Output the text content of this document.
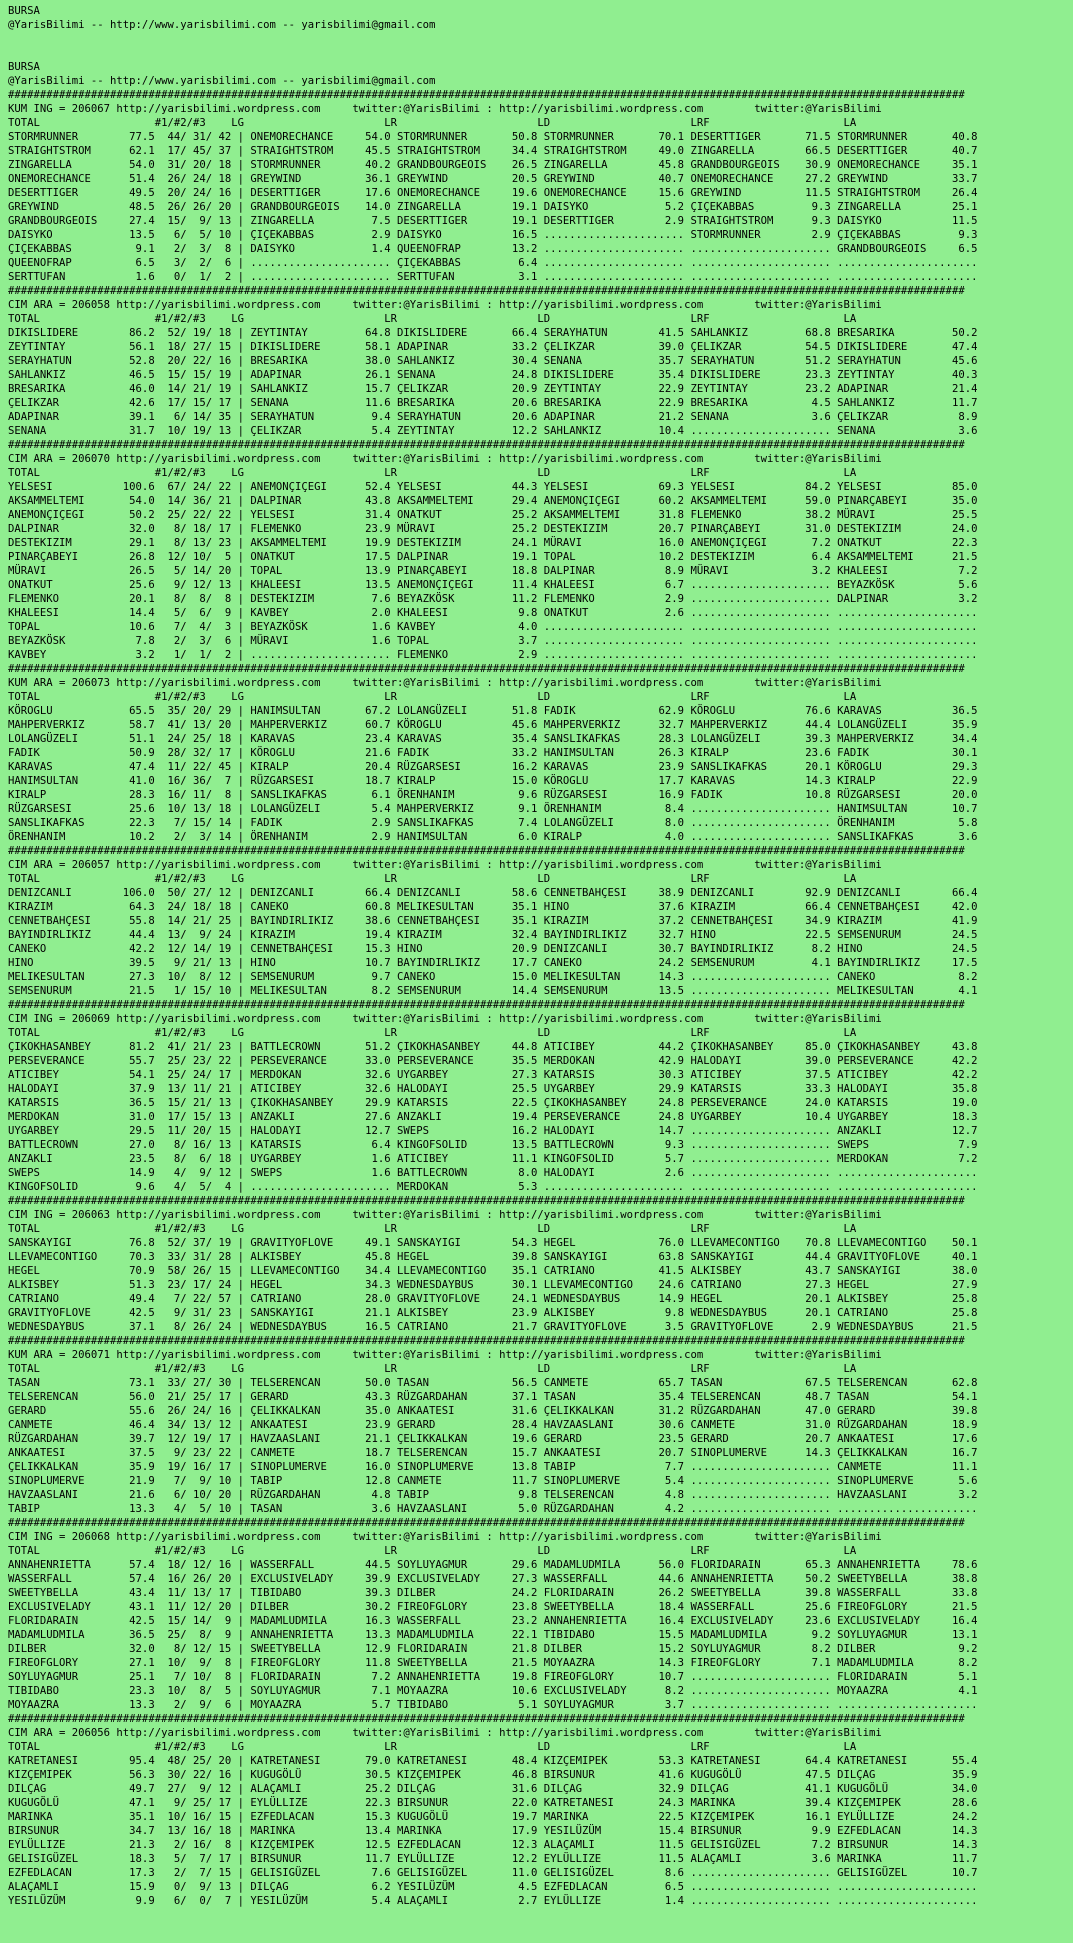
BURSA
@YarisBilimi -- http://www.yarisbilimi.com -- yarisbilimi@gmail.com
BURSA
@YarisBilimi -- http://www.yarisbilimi.com -- yarisbilimi@gmail.com
######################################################################################################################################################
KUM ING = 206067 http://yarisbilimi.wordpress.com     twitter:@YarisBilimi : http://yarisbilimi.wordpress.com        twitter:@YarisBilimi
TOTAL                  #1/#2/#3    LG                      LR                      LD                      LRF                     LA
STORMRUNNER        77.5  44/ 31/ 42 | ONEMORECHANCE     54.0 STORMRUNNER       50.8 STORMRUNNER       70.1 DESERTTIGER       71.5 STORMRUNNER       40.8
STRAIGHTSTROM      62.1  17/ 45/ 37 | STRAIGHTSTROM     45.5 STRAIGHTSTROM     34.4 STRAIGHTSTROM     49.0 ZINGARELLA        66.5 DESERTTIGER       40.7
ZINGARELLA         54.0  31/ 20/ 18 | STORMRUNNER       40.2 GRANDBOURGEOIS    26.5 ZINGARELLA        45.8 GRANDBOURGEOIS    30.9 ONEMORECHANCE     35.1
ONEMORECHANCE      51.4  26/ 24/ 18 | GREYWIND          36.1 GREYWIND          20.5 GREYWIND          40.7 ONEMORECHANCE     27.2 GREYWIND          33.7
DESERTTIGER        49.5  20/ 24/ 16 | DESERTTIGER       17.6 ONEMORECHANCE     19.6 ONEMORECHANCE     15.6 GREYWIND          11.5 STRAIGHTSTROM     26.4
GREYWIND           48.5  26/ 26/ 20 | GRANDBOURGEOIS    14.0 ZINGARELLA        19.1 DAISYKO            5.2 ÇIÇEKABBAS         9.3 ZINGARELLA        25.1
GRANDBOURGEOIS     27.4  15/  9/ 13 | ZINGARELLA         7.5 DESERTTIGER       19.1 DESERTTIGER        2.9 STRAIGHTSTROM      9.3 DAISYKO           11.5
DAISYKO            13.5   6/  5/ 10 | ÇIÇEKABBAS         2.9 DAISYKO           16.5 ...................... STORMRUNNER        2.9 ÇIÇEKABBAS         9.3
ÇIÇEKABBAS          9.1   2/  3/  8 | DAISYKO            1.4 QUEENOFRAP        13.2 ...................... ...................... GRANDBOURGEOIS     6.5
QUEENOFRAP          6.5   3/  2/  6 | ...................... ÇIÇEKABBAS         6.4 ...................... ...................... ......................
SERTTUFAN           1.6   0/  1/  2 | ...................... SERTTUFAN          3.1 ...................... ...................... ......................
######################################################################################################################################################
CIM ARA = 206058 http://yarisbilimi.wordpress.com     twitter:@YarisBilimi : http://yarisbilimi.wordpress.com        twitter:@YarisBilimi
TOTAL                  #1/#2/#3    LG                      LR                      LD                      LRF                     LA
DIKISLIDERE        86.2  52/ 19/ 18 | ZEYTINTAY         64.8 DIKISLIDERE       66.4 SERAYHATUN        41.5 SAHLANKIZ         68.8 BRESARIKA         50.2
ZEYTINTAY          56.1  18/ 27/ 15 | DIKISLIDERE       58.1 ADAPINAR          33.2 ÇELIKZAR          39.0 ÇELIKZAR          54.5 DIKISLIDERE       47.4
SERAYHATUN         52.8  20/ 22/ 16 | BRESARIKA         38.0 SAHLANKIZ         30.4 SENANA            35.7 SERAYHATUN        51.2 SERAYHATUN        45.6
SAHLANKIZ          46.5  15/ 15/ 19 | ADAPINAR          26.1 SENANA            24.8 DIKISLIDERE       35.4 DIKISLIDERE       23.3 ZEYTINTAY         40.3
BRESARIKA          46.0  14/ 21/ 19 | SAHLANKIZ         15.7 ÇELIKZAR          20.9 ZEYTINTAY         22.9 ZEYTINTAY         23.2 ADAPINAR          21.4
ÇELIKZAR           42.6  17/ 15/ 17 | SENANA            11.6 BRESARIKA         20.6 BRESARIKA         22.9 BRESARIKA          4.5 SAHLANKIZ         11.7
ADAPINAR           39.1   6/ 14/ 35 | SERAYHATUN         9.4 SERAYHATUN        20.6 ADAPINAR          21.2 SENANA             3.6 ÇELIKZAR           8.9
SENANA             31.7  10/ 19/ 13 | ÇELIKZAR           5.4 ZEYTINTAY         12.2 SAHLANKIZ         10.4 ...................... SENANA             3.6
######################################################################################################################################################
CIM ARA = 206070 http://yarisbilimi.wordpress.com     twitter:@YarisBilimi : http://yarisbilimi.wordpress.com        twitter:@YarisBilimi
TOTAL                  #1/#2/#3    LG                      LR                      LD                      LRF                     LA
YELSESI           100.6  67/ 24/ 22 | ANEMONÇIÇEGI      52.4 YELSESI           44.3 YELSESI           69.3 YELSESI           84.2 YELSESI           85.0
AKSAMMELTEMI       54.0  14/ 36/ 21 | DALPINAR          43.8 AKSAMMELTEMI      29.4 ANEMONÇIÇEGI      60.2 AKSAMMELTEMI      59.0 PINARÇABEYI       35.0
ANEMONÇIÇEGI       50.2  25/ 22/ 22 | YELSESI           31.4 ONATKUT           25.2 AKSAMMELTEMI      31.8 FLEMENKO          38.2 MÜRAVI            25.5
DALPINAR           32.0   8/ 18/ 17 | FLEMENKO          23.9 MÜRAVI            25.2 DESTEKIZIM        20.7 PINARÇABEYI       31.0 DESTEKIZIM        24.0
DESTEKIZIM         29.1   8/ 13/ 23 | AKSAMMELTEMI      19.9 DESTEKIZIM        24.1 MÜRAVI            16.0 ANEMONÇIÇEGI       7.2 ONATKUT           22.3
PINARÇABEYI        26.8  12/ 10/  5 | ONATKUT           17.5 DALPINAR          19.1 TOPAL             10.2 DESTEKIZIM         6.4 AKSAMMELTEMI      21.5
MÜRAVI             26.5   5/ 14/ 20 | TOPAL             13.9 PINARÇABEYI       18.8 DALPINAR           8.9 MÜRAVI             3.2 KHALEESI           7.2
ONATKUT            25.6   9/ 12/ 13 | KHALEESI          13.5 ANEMONÇIÇEGI      11.4 KHALEESI           6.7 ...................... BEYAZKÖSK          5.6
FLEMENKO           20.1   8/  8/  8 | DESTEKIZIM         7.6 BEYAZKÖSK         11.2 FLEMENKO           2.9 ...................... DALPINAR           3.2
KHALEESI           14.4   5/  6/  9 | KAVBEY             2.0 KHALEESI           9.8 ONATKUT            2.6 ...................... ......................
TOPAL              10.6   7/  4/  3 | BEYAZKÖSK          1.6 KAVBEY             4.0 ...................... ...................... ......................
BEYAZKÖSK           7.8   2/  3/  6 | MÜRAVI             1.6 TOPAL              3.7 ...................... ...................... ......................
KAVBEY              3.2   1/  1/  2 | ...................... FLEMENKO           2.9 ...................... ...................... ......................
######################################################################################################################################################
KUM ARA = 206073 http://yarisbilimi.wordpress.com     twitter:@YarisBilimi : http://yarisbilimi.wordpress.com        twitter:@YarisBilimi
TOTAL                  #1/#2/#3    LG                      LR                      LD                      LRF                     LA
KÖROGLU            65.5  35/ 20/ 29 | HANIMSULTAN       67.2 LOLANGÜZELI       51.8 FADIK             62.9 KÖROGLU           76.6 KARAVAS           36.5
MAHPERVERKIZ       58.7  41/ 13/ 20 | MAHPERVERKIZ      60.7 KÖROGLU           45.6 MAHPERVERKIZ      32.7 MAHPERVERKIZ      44.4 LOLANGÜZELI       35.9
LOLANGÜZELI        51.1  24/ 25/ 18 | KARAVAS           23.4 KARAVAS           35.4 SANSLIKAFKAS      28.3 LOLANGÜZELI       39.3 MAHPERVERKIZ      34.4
FADIK              50.9  28/ 32/ 17 | KÖROGLU           21.6 FADIK             33.2 HANIMSULTAN       26.3 KIRALP            23.6 FADIK             30.1
KARAVAS            47.4  11/ 22/ 45 | KIRALP            20.4 RÜZGARSESI        16.2 KARAVAS           23.9 SANSLIKAFKAS      20.1 KÖROGLU           29.3
HANIMSULTAN        41.0  16/ 36/  7 | RÜZGARSESI        18.7 KIRALP            15.0 KÖROGLU           17.7 KARAVAS           14.3 KIRALP            22.9
KIRALP             28.3  16/ 11/  8 | SANSLIKAFKAS       6.1 ÖRENHANIM          9.6 RÜZGARSESI        16.9 FADIK             10.8 RÜZGARSESI        20.0
RÜZGARSESI         25.6  10/ 13/ 18 | LOLANGÜZELI        5.4 MAHPERVERKIZ       9.1 ÖRENHANIM          8.4 ...................... HANIMSULTAN       10.7
SANSLIKAFKAS       22.3   7/ 15/ 14 | FADIK              2.9 SANSLIKAFKAS       7.4 LOLANGÜZELI        8.0 ...................... ÖRENHANIM          5.8
ÖRENHANIM          10.2   2/  3/ 14 | ÖRENHANIM          2.9 HANIMSULTAN        6.0 KIRALP             4.0 ...................... SANSLIKAFKAS       3.6
######################################################################################################################################################
CIM ARA = 206057 http://yarisbilimi.wordpress.com     twitter:@YarisBilimi : http://yarisbilimi.wordpress.com        twitter:@YarisBilimi
TOTAL                  #1/#2/#3    LG                      LR                      LD                      LRF                     LA
DENIZCANLI        106.0  50/ 27/ 12 | DENIZCANLI        66.4 DENIZCANLI        58.6 CENNETBAHÇESI     38.9 DENIZCANLI        92.9 DENIZCANLI        66.4
KIRAZIM            64.3  24/ 18/ 18 | CANEKO            60.8 MELIKESULTAN      35.1 HINO              37.6 KIRAZIM           66.4 CENNETBAHÇESI     42.0
CENNETBAHÇESI      55.8  14/ 21/ 25 | BAYINDIRLIKIZ     38.6 CENNETBAHÇESI     35.1 KIRAZIM           37.2 CENNETBAHÇESI     34.9 KIRAZIM           41.9
BAYINDIRLIKIZ      44.4  13/  9/ 24 | KIRAZIM           19.4 KIRAZIM           32.4 BAYINDIRLIKIZ     32.7 HINO              22.5 SEMSENURUM        24.5
CANEKO             42.2  12/ 14/ 19 | CENNETBAHÇESI     15.3 HINO              20.9 DENIZCANLI        30.7 BAYINDIRLIKIZ      8.2 HINO              24.5
HINO               39.5   9/ 21/ 13 | HINO              10.7 BAYINDIRLIKIZ     17.7 CANEKO            24.2 SEMSENURUM         4.1 BAYINDIRLIKIZ     17.5
MELIKESULTAN       27.3  10/  8/ 12 | SEMSENURUM         9.7 CANEKO            15.0 MELIKESULTAN      14.3 ...................... CANEKO             8.2
SEMSENURUM         21.5   1/ 15/ 10 | MELIKESULTAN       8.2 SEMSENURUM        14.4 SEMSENURUM        13.5 ...................... MELIKESULTAN       4.1
######################################################################################################################################################
CIM ING = 206069 http://yarisbilimi.wordpress.com     twitter:@YarisBilimi : http://yarisbilimi.wordpress.com        twitter:@YarisBilimi
TOTAL                  #1/#2/#3    LG                      LR                      LD                      LRF                     LA
ÇIKOKHASANBEY      81.2  41/ 21/ 23 | BATTLECROWN       51.2 ÇIKOKHASANBEY     44.8 ATICIBEY          44.2 ÇIKOKHASANBEY     85.0 ÇIKOKHASANBEY     43.8
PERSEVERANCE       55.7  25/ 23/ 22 | PERSEVERANCE      33.0 PERSEVERANCE      35.5 MERDOKAN          42.9 HALODAYI          39.0 PERSEVERANCE      42.2
ATICIBEY           54.1  25/ 24/ 17 | MERDOKAN          32.6 UYGARBEY          27.3 KATARSIS          30.3 ATICIBEY          37.5 ATICIBEY          42.2
HALODAYI           37.9  13/ 11/ 21 | ATICIBEY          32.6 HALODAYI          25.5 UYGARBEY          29.9 KATARSIS          33.3 HALODAYI          35.8
KATARSIS           36.5  15/ 21/ 13 | ÇIKOKHASANBEY     29.9 KATARSIS          22.5 ÇIKOKHASANBEY     24.8 PERSEVERANCE      24.0 KATARSIS          19.0
MERDOKAN           31.0  17/ 15/ 13 | ANZAKLI           27.6 ANZAKLI           19.4 PERSEVERANCE      24.8 UYGARBEY          10.4 UYGARBEY          18.3
UYGARBEY           29.5  11/ 20/ 15 | HALODAYI          12.7 SWEPS             16.2 HALODAYI          14.7 ...................... ANZAKLI           12.7
BATTLECROWN        27.0   8/ 16/ 13 | KATARSIS           6.4 KINGOFSOLID       13.5 BATTLECROWN        9.3 ...................... SWEPS              7.9
ANZAKLI            23.5   8/  6/ 18 | UYGARBEY           1.6 ATICIBEY          11.1 KINGOFSOLID        5.7 ...................... MERDOKAN           7.2
SWEPS              14.9   4/  9/ 12 | SWEPS              1.6 BATTLECROWN        8.0 HALODAYI           2.6 ...................... ......................
KINGOFSOLID         9.6   4/  5/  4 | ...................... MERDOKAN           5.3 ...................... ...................... ......................
######################################################################################################################################################
CIM ING = 206063 http://yarisbilimi.wordpress.com     twitter:@YarisBilimi : http://yarisbilimi.wordpress.com        twitter:@YarisBilimi
TOTAL                  #1/#2/#3    LG                      LR                      LD                      LRF                     LA
SANSKAYIGI         76.8  52/ 37/ 19 | GRAVITYOFLOVE     49.1 SANSKAYIGI        54.3 HEGEL             76.0 LLEVAMECONTIGO    70.8 LLEVAMECONTIGO    50.1
LLEVAMECONTIGO     70.3  33/ 31/ 28 | ALKISBEY          45.8 HEGEL             39.8 SANSKAYIGI        63.8 SANSKAYIGI        44.4 GRAVITYOFLOVE     40.1
HEGEL              70.9  58/ 26/ 15 | LLEVAMECONTIGO    34.4 LLEVAMECONTIGO    35.1 CATRIANO          41.5 ALKISBEY          43.7 SANSKAYIGI        38.0
ALKISBEY           51.3  23/ 17/ 24 | HEGEL             34.3 WEDNESDAYBUS      30.1 LLEVAMECONTIGO    24.6 CATRIANO          27.3 HEGEL             27.9
CATRIANO           49.4   7/ 22/ 57 | CATRIANO          28.0 GRAVITYOFLOVE     24.1 WEDNESDAYBUS      14.9 HEGEL             20.1 ALKISBEY          25.8
GRAVITYOFLOVE      42.5   9/ 31/ 23 | SANSKAYIGI        21.1 ALKISBEY          23.9 ALKISBEY           9.8 WEDNESDAYBUS      20.1 CATRIANO          25.8
WEDNESDAYBUS       37.1   8/ 26/ 24 | WEDNESDAYBUS      16.5 CATRIANO          21.7 GRAVITYOFLOVE      3.5 GRAVITYOFLOVE      2.9 WEDNESDAYBUS      21.5
######################################################################################################################################################
KUM ARA = 206071 http://yarisbilimi.wordpress.com     twitter:@YarisBilimi : http://yarisbilimi.wordpress.com        twitter:@YarisBilimi
TOTAL                  #1/#2/#3    LG                      LR                      LD                      LRF                     LA
TASAN              73.1  33/ 27/ 30 | TELSERENCAN       50.0 TASAN             56.5 CANMETE           65.7 TASAN             67.5 TELSERENCAN       62.8
TELSERENCAN        56.0  21/ 25/ 17 | GERARD            43.3 RÜZGARDAHAN       37.1 TASAN             35.4 TELSERENCAN       48.7 TASAN             54.1
GERARD             55.6  26/ 24/ 16 | ÇELIKKALKAN       35.0 ANKAATESI         31.6 ÇELIKKALKAN       31.2 RÜZGARDAHAN       47.0 GERARD            39.8
CANMETE            46.4  34/ 13/ 12 | ANKAATESI         23.9 GERARD            28.4 HAVZAASLANI       30.6 CANMETE           31.0 RÜZGARDAHAN       18.9
RÜZGARDAHAN        39.7  12/ 19/ 17 | HAVZAASLANI       21.1 ÇELIKKALKAN       19.6 GERARD            23.5 GERARD            20.7 ANKAATESI         17.6
ANKAATESI          37.5   9/ 23/ 22 | CANMETE           18.7 TELSERENCAN       15.7 ANKAATESI         20.7 SINOPLUMERVE      14.3 ÇELIKKALKAN       16.7
ÇELIKKALKAN        35.9  19/ 16/ 17 | SINOPLUMERVE      16.0 SINOPLUMERVE      13.8 TABIP              7.7 ...................... CANMETE           11.1
SINOPLUMERVE       21.9   7/  9/ 10 | TABIP             12.8 CANMETE           11.7 SINOPLUMERVE       5.4 ...................... SINOPLUMERVE       5.6
HAVZAASLANI        21.6   6/ 10/ 20 | RÜZGARDAHAN        4.8 TABIP              9.8 TELSERENCAN        4.8 ...................... HAVZAASLANI        3.2
TABIP              13.3   4/  5/ 10 | TASAN              3.6 HAVZAASLANI        5.0 RÜZGARDAHAN        4.2 ...................... ......................
######################################################################################################################################################
CIM ING = 206068 http://yarisbilimi.wordpress.com     twitter:@YarisBilimi : http://yarisbilimi.wordpress.com        twitter:@YarisBilimi
TOTAL                  #1/#2/#3    LG                      LR                      LD                      LRF                     LA
ANNAHENRIETTA      57.4  18/ 12/ 16 | WASSERFALL        44.5 SOYLUYAGMUR       29.6 MADAMLUDMILA      56.0 FLORIDARAIN       65.3 ANNAHENRIETTA     78.6
WASSERFALL         57.4  16/ 26/ 20 | EXCLUSIVELADY     39.9 EXCLUSIVELADY     27.3 WASSERFALL        44.6 ANNAHENRIETTA     50.2 SWEETYBELLA       38.8
SWEETYBELLA        43.4  11/ 13/ 17 | TIBIDABO          39.3 DILBER            24.2 FLORIDARAIN       26.2 SWEETYBELLA       39.8 WASSERFALL        33.8
EXCLUSIVELADY      43.1  11/ 12/ 20 | DILBER            30.2 FIREOFGLORY       23.8 SWEETYBELLA       18.4 WASSERFALL        25.6 FIREOFGLORY       21.5
FLORIDARAIN        42.5  15/ 14/  9 | MADAMLUDMILA      16.3 WASSERFALL        23.2 ANNAHENRIETTA     16.4 EXCLUSIVELADY     23.6 EXCLUSIVELADY     16.4
MADAMLUDMILA       36.5  25/  8/  9 | ANNAHENRIETTA     13.3 MADAMLUDMILA      22.1 TIBIDABO          15.5 MADAMLUDMILA       9.2 SOYLUYAGMUR       13.1
DILBER             32.0   8/ 12/ 15 | SWEETYBELLA       12.9 FLORIDARAIN       21.8 DILBER            15.2 SOYLUYAGMUR        8.2 DILBER             9.2
FIREOFGLORY        27.1  10/  9/  8 | FIREOFGLORY       11.8 SWEETYBELLA       21.5 MOYAAZRA          14.3 FIREOFGLORY        7.1 MADAMLUDMILA       8.2
SOYLUYAGMUR        25.1   7/ 10/  8 | FLORIDARAIN        7.2 ANNAHENRIETTA     19.8 FIREOFGLORY       10.7 ...................... FLORIDARAIN        5.1
TIBIDABO           23.3  10/  8/  5 | SOYLUYAGMUR        7.1 MOYAAZRA          10.6 EXCLUSIVELADY      8.2 ...................... MOYAAZRA           4.1
MOYAAZRA           13.3   2/  9/  6 | MOYAAZRA           5.7 TIBIDABO           5.1 SOYLUYAGMUR        3.7 ...................... ......................
######################################################################################################################################################
CIM ARA = 206056 http://yarisbilimi.wordpress.com     twitter:@YarisBilimi : http://yarisbilimi.wordpress.com        twitter:@YarisBilimi
TOTAL                  #1/#2/#3    LG                      LR                      LD                      LRF                     LA
KATRETANESI        95.4  48/ 25/ 20 | KATRETANESI       79.0 KATRETANESI       48.4 KIZÇEMIPEK        53.3 KATRETANESI       64.4 KATRETANESI       55.4
KIZÇEMIPEK         56.3  30/ 22/ 16 | KUGUGÖLÜ          30.5 KIZÇEMIPEK        46.8 BIRSUNUR          41.6 KUGUGÖLÜ          47.5 DILÇAG            35.9
DILÇAG             49.7  27/  9/ 12 | ALAÇAMLI          25.2 DILÇAG            31.6 DILÇAG            32.9 DILÇAG            41.1 KUGUGÖLÜ          34.0
KUGUGÖLÜ           47.1   9/ 25/ 17 | EYLÜLLIZE         22.3 BIRSUNUR          22.0 KATRETANESI       24.3 MARINKA           39.4 KIZÇEMIPEK        28.6
MARINKA            35.1  10/ 16/ 15 | EZFEDLACAN        15.3 KUGUGÖLÜ          19.7 MARINKA           22.5 KIZÇEMIPEK        16.1 EYLÜLLIZE         24.2
BIRSUNUR           34.7  13/ 16/ 18 | MARINKA           13.4 MARINKA           17.9 YESILÜZÜM         15.4 BIRSUNUR           9.9 EZFEDLACAN        14.3
EYLÜLLIZE          21.3   2/ 16/  8 | KIZÇEMIPEK        12.5 EZFEDLACAN        12.3 ALAÇAMLI          11.5 GELISIGÜZEL        7.2 BIRSUNUR          14.3
GELISIGÜZEL        18.3   5/  7/ 17 | BIRSUNUR          11.7 EYLÜLLIZE         12.2 EYLÜLLIZE         11.5 ALAÇAMLI           3.6 MARINKA           11.7
EZFEDLACAN         17.3   2/  7/ 15 | GELISIGÜZEL        7.6 GELISIGÜZEL       11.0 GELISIGÜZEL        8.6 ...................... GELISIGÜZEL       10.7
ALAÇAMLI           15.9   0/  9/ 13 | DILÇAG             6.2 YESILÜZÜM          4.5 EZFEDLACAN         6.5 ...................... ......................
YESILÜZÜM           9.9   6/  0/  7 | YESILÜZÜM          5.4 ALAÇAMLI           2.7 EYLÜLLIZE          1.4 ...................... ......................
